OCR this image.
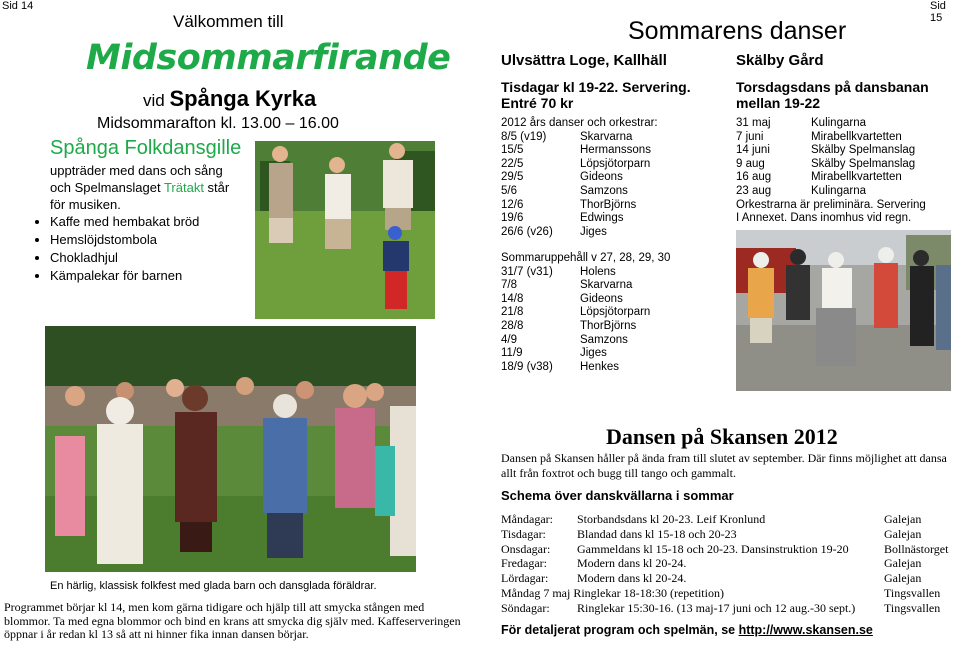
Sid 14	Sid 15
Välkommen till
Midsommarfirande
vid Spånga Kyrka
Midsommarafton kl. 13.00 – 16.00
Spånga Folkdansgille
uppträder med dans och sång och Spelmanslaget Trätakt står för musiken.
• Kaffe med hembakat bröd
• Hemslöjdstombola
• Chokladhjul
• Kämpalekar för barnen
En härlig, klassisk folkfest med glada barn och dansglada föräldrar.
Programmet börjar kl 14, men kom gärna tidigare och hjälp till att smycka stången med blommor. Ta med egna blommor och bind en krans att smycka dig själv med. Kaffeserveringen öppnar i år redan kl 13 så att ni hinner fika innan dansen börjar.
Sommarens danser
Ulvsättra Loge, Kallhäll
Tisdagar kl 19-22. Servering.
Entré 70 kr
2012 års danser och orkestrar:
8/5 (v19)	Skarvarna
15/5	Hermanssons
22/5	Löpsjötorparn
29/5	Gideons
5/6	Samzons
12/6	ThorBjörns
19/6	Edwings
26/6 (v26)	Jiges
Sommaruppehåll v 27, 28, 29, 30
31/7 (v31)	Holens
7/8	Skarvarna
14/8	Gideons
21/8	Löpsjötorparn
28/8	ThorBjörns
4/9	Samzons
11/9	Jiges
18/9 (v38)	Henkes
Skälby Gård
Torsdagsdans på dansbanan
mellan 19-22
31 maj	Kulingarna
7 juni	Mirabellkvartetten
14 juni	Skälby Spelmanslag
9 aug	Skälby Spelmanslag
16 aug	Mirabellkvartetten
23 aug	Kulingarna
Orkestrarna är preliminära. Servering
I Annexet. Dans inomhus vid regn.
Dansen på Skansen 2012
Dansen på Skansen håller på ända fram till slutet av september. Där finns möjlighet att dansa allt från foxtrot och bugg till tango och gammalt.
Schema över danskvällarna i sommar
Måndagar:	Storbandsdans kl 20-23. Leif Kronlund	Galejan
Tisdagar:	Blandad dans kl 15-18 och 20-23	Galejan
Onsdagar:	Gammeldans kl 15-18 och 20-23. Dansinstruktion 19-20	Bollnästorget
Fredagar:	Modern dans kl 20-24.	Galejan
Lördagar:	Modern dans kl 20-24.	Galejan
Måndag 7 maj Ringlekar 18-18:30 (repetition)	Tingsvallen
Söndagar:	Ringlekar 15:30-16. (13 maj-17 juni och 12 aug.-30 sept.)	Tingsvallen
För detaljerat program och spelmän, se http://www.skansen.se
